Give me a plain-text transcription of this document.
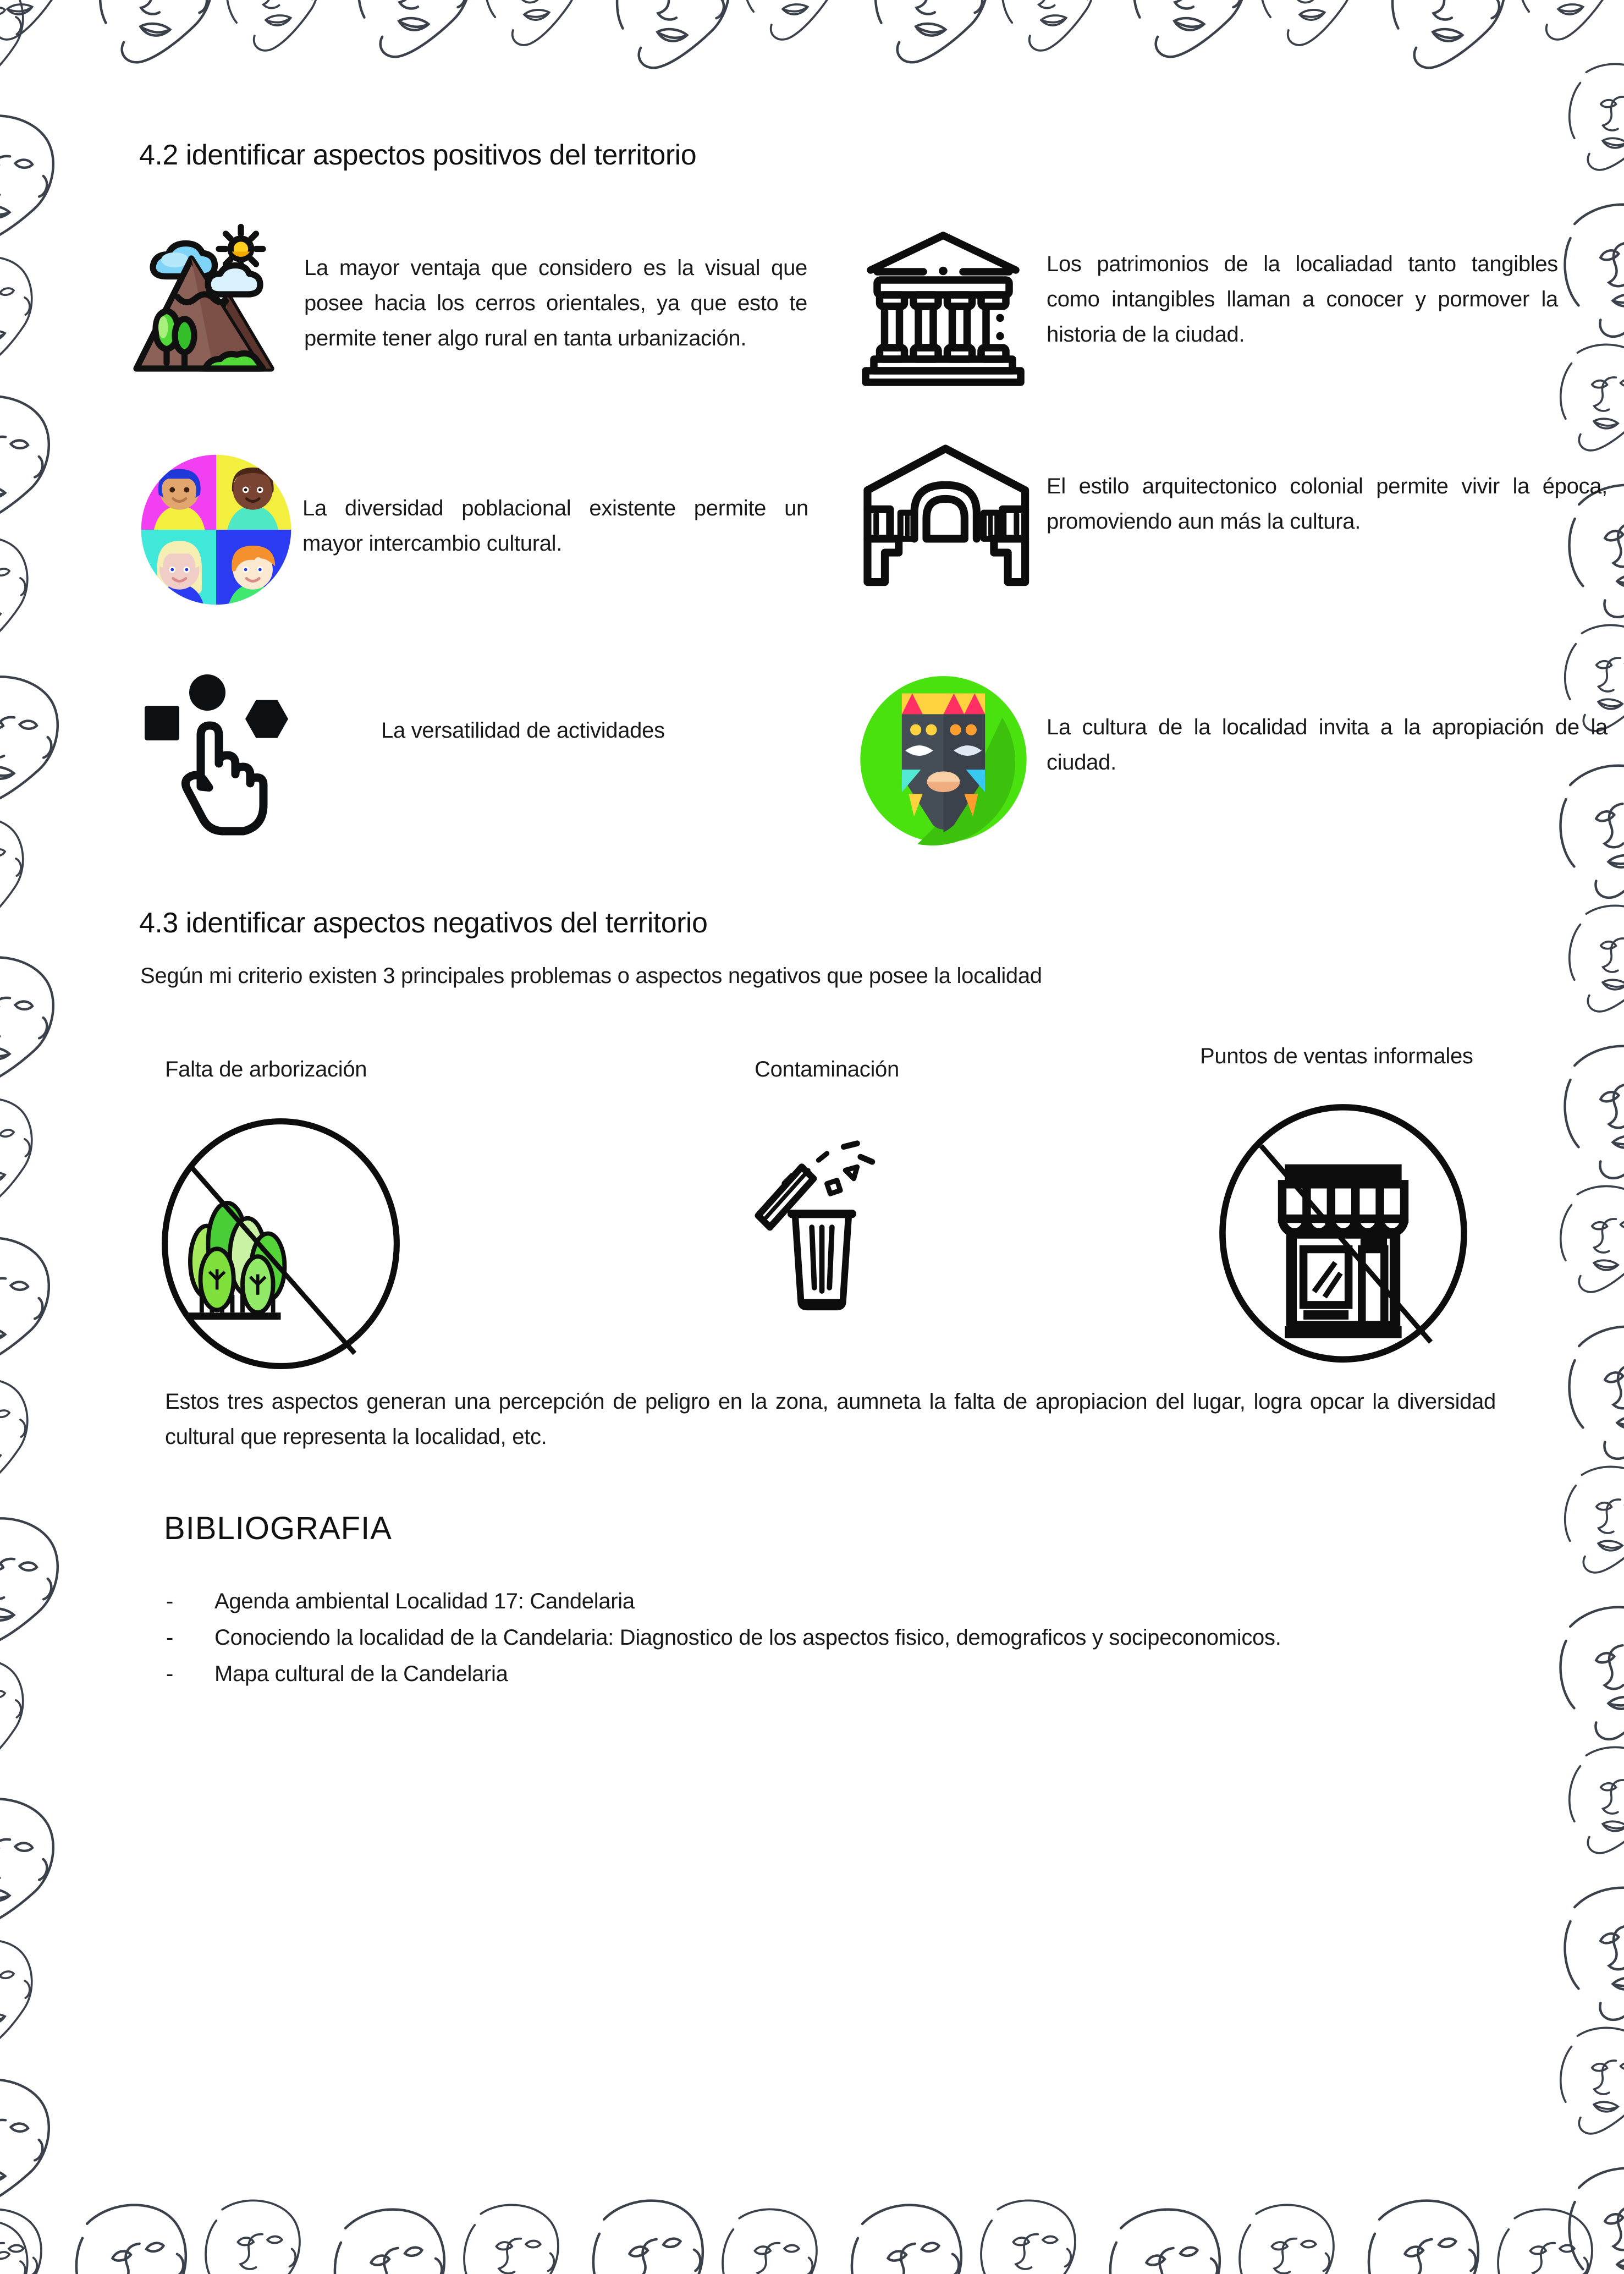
4.2 identificar aspectos positivos del territorio

La mayor ventaja que considero es la visual que posee hacia los cerros orientales, ya que esto te permite tener algo rural en tanta urbanización.

Los patrimonios de la localiadad tanto tangibles como intangibles llaman a conocer y pormover la historia de la ciudad.

La diversidad poblacional existente permite un mayor intercambio cultural.

El estilo arquitectonico colonial permite vivir la época, promoviendo aun más la cultura.

La versatilidad de actividades	La cultura de la localidad invita a la apropiación de la ciudad.

4.3 identificar aspectos negativos del territorio
Según mi criterio existen 3 principales problemas o aspectos negativos que posee la localidad
Falta de arborización	Contaminación
Puntos de ventas informales

Estos tres aspectos generan una percepción de peligro en la zona, aumneta la falta de apropiacion del lugar, logra opcar la diversidad cultural que representa la localidad, etc.

BIBLIOGRAFIA
-	Agenda ambiental Localidad 17: Candelaria
-	Conociendo la localidad de la Candelaria: Diagnostico de los aspectos fisico, demograficos y socipeconomicos.
-	Mapa cultural de la Candelaria
